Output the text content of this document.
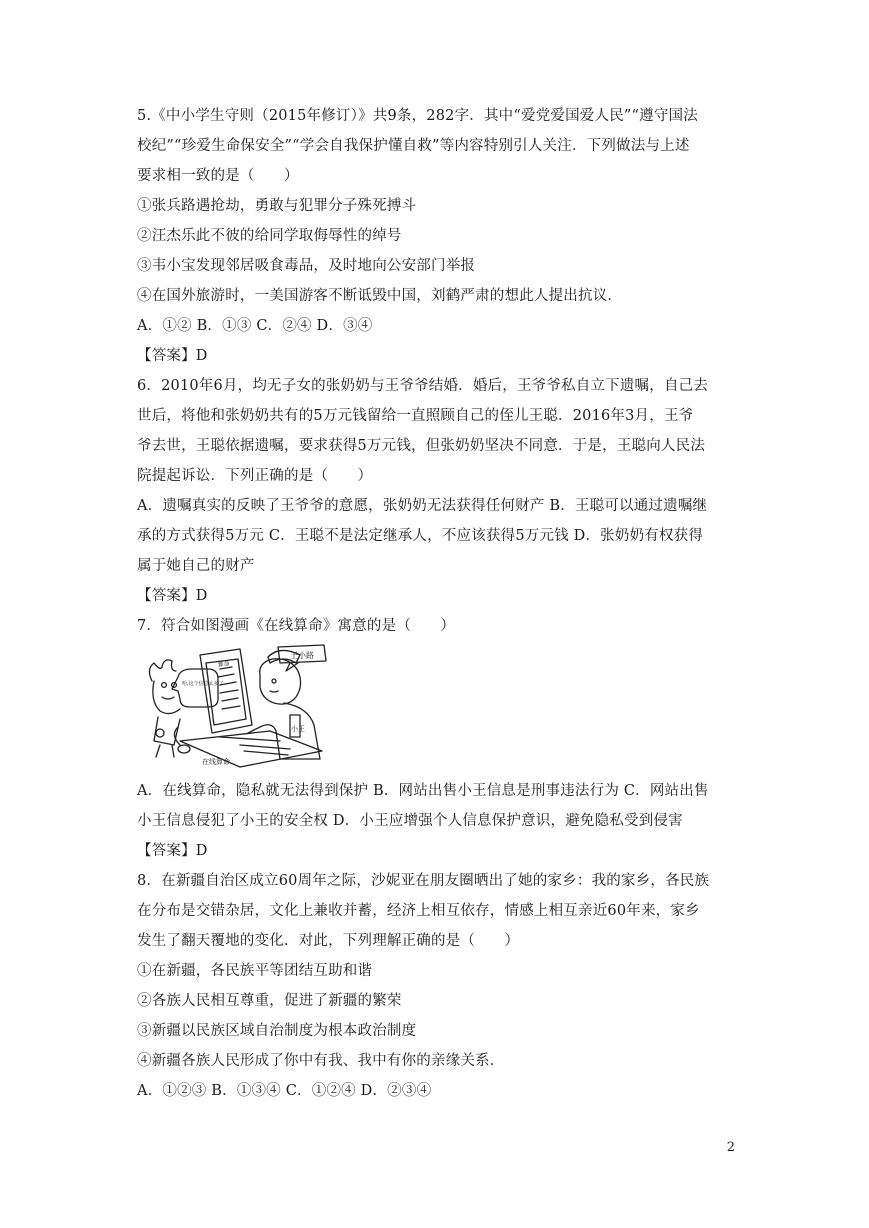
5.《中小学生守则（2015年修订）》共9条，282字．其中“爱党爱国爱人民”“遵守国法
校纪”“珍爱生命保安全”“学会自我保护懂自救”等内容特别引人关注．下列做法与上述
要求相一致的是（　　）
①张兵路遇抢劫，勇敢与犯罪分子殊死搏斗
②汪杰乐此不彼的给同学取侮辱性的绰号
③韦小宝发现邻居吸食毒品，及时地向公安部门举报
④在国外旅游时，一美国游客不断诋毁中国，刘鹤严肃的想此人提出抗议．
A．①② B．①③ C．②④ D．③④
【答案】D
6．2010年6月，均无子女的张奶奶与王爷爷结婚．婚后，王爷爷私自立下遗嘱，自己去
世后，将他和张奶奶共有的5万元钱留给一直照顾自己的侄儿王聪．2016年3月，王爷
爷去世，王聪依据遗嘱，要求获得5万元钱，但张奶奶坚决不同意．于是，王聪向人民法
院提起诉讼．下列正确的是（　　）
A．遗嘱真实的反映了王爷爷的意愿，张奶奶无法获得任何财产 B．王聪可以通过遗嘱继
承的方式获得5万元 C．王聪不是法定继承人，不应该获得5万元钱 D．张奶奶有权获得
属于她自己的财产
【答案】D
7．符合如图漫画《在线算命》寓意的是（　　）
王小路
算命
哈,这个信息太多了
小王
在线算命
A．在线算命，隐私就无法得到保护 B．网站出售小王信息是刑事违法行为 C．网站出售
小王信息侵犯了小王的安全权 D．小王应增强个人信息保护意识，避免隐私受到侵害
【答案】D
8．在新疆自治区成立60周年之际，沙妮亚在朋友圈晒出了她的家乡：我的家乡，各民族
在分布是交错杂居，文化上兼收并蓄，经济上相互依存，情感上相互亲近60年来，家乡
发生了翻天覆地的变化．对此，下列理解正确的是（　　）
①在新疆，各民族平等团结互助和谐
②各族人民相互尊重，促进了新疆的繁荣
③新疆以民族区域自治制度为根本政治制度
④新疆各族人民形成了你中有我、我中有你的亲缘关系．
A．①②③ B．①③④ C．①②④ D．②③④
2
